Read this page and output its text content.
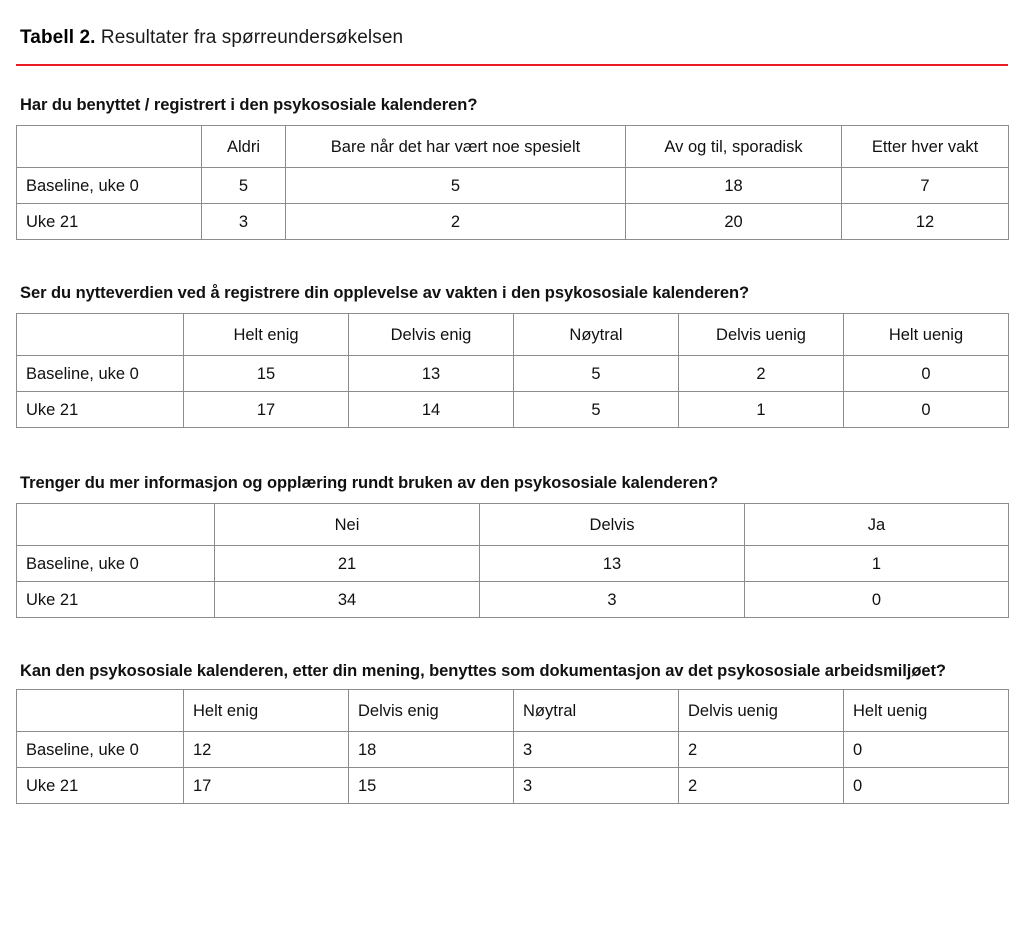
Tabell 2. Resultater fra spørreundersøkelsen
Har du benyttet / registrert i den psykososiale kalenderen?
	Aldri	Bare når det har vært noe spesielt	Av og til, sporadisk	Etter hver vakt
Baseline, uke 0	5	5	18	7
Uke 21	3	2	20	12
Ser du nytteverdien ved å registrere din opplevelse av vakten i den psykososiale kalenderen?
	Helt enig	Delvis enig	Nøytral	Delvis uenig	Helt uenig
Baseline, uke 0	15	13	5	2	0
Uke 21	17	14	5	1	0
Trenger du mer informasjon og opplæring rundt bruken av den psykososiale kalenderen?
	Nei	Delvis	Ja
Baseline, uke 0	21	13	1
Uke 21	34	3	0
Kan den psykososiale kalenderen, etter din mening, benyttes som dokumentasjon av det psykososiale arbeidsmiljøet?
	Helt enig	Delvis enig	Nøytral	Delvis uenig	Helt uenig
Baseline, uke 0	12	18	3	2	0
Uke 21	17	15	3	2	0
